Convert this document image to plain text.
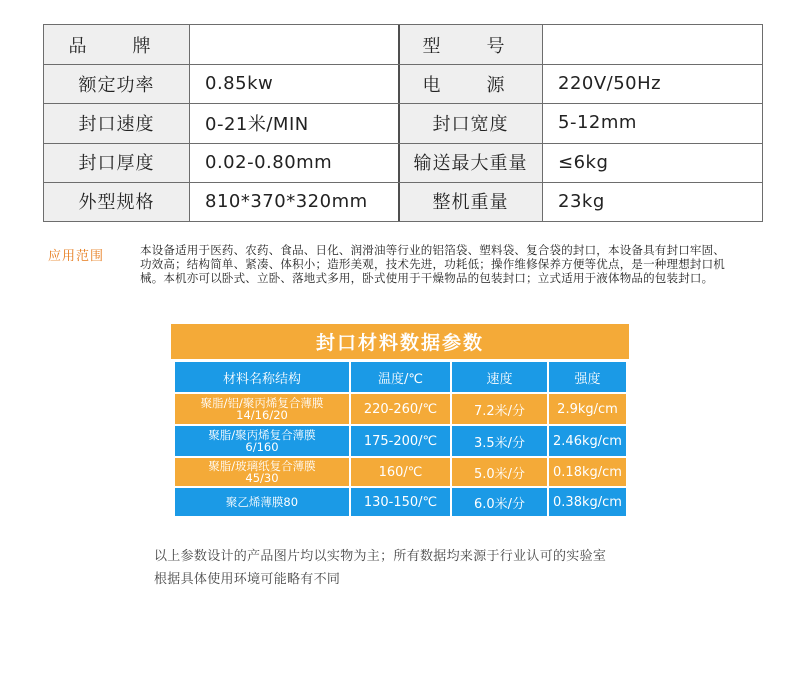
品　牌	型　号
额定功率	0.85kw	电　源	220V/50Hz
封口速度	0-21米/MIN	封口宽度	5-12mm
封口厚度	0.02-0.80mm	输送最大重量	≤6kg
外型规格	810*370*320mm	整机重量	23kg
应用范围	本设备适用于医药、农药、食品、日化、润滑油等行业的铝箔袋、塑料袋、复合袋的封口，本设备具有封口牢固、功效高；结构简单、紧凑、体积小；造形美观，技术先进，功耗低；操作维修保养方便等优点，是一种理想封口机械。本机亦可以卧式、立卧、落地式多用，卧式使用于干燥物品的包装封口；立式适用于液体物品的包装封口。
封口材料数据参数
材料名称结构	温度/℃	速度	强度
聚脂/铝/聚丙烯复合薄膜
14/16/20	220-260/℃	7.2米/分	2.9kg/cm
聚脂/聚丙烯复合薄膜
6/160	175-200/℃	3.5米/分	2.46kg/cm
聚脂/玻璃纸复合薄膜
45/30	160/℃	5.0米/分	0.18kg/cm
聚乙烯薄膜80	130-150/℃	6.0米/分	0.38kg/cm
以上参数设计的产品图片均以实物为主；所有数据均来源于行业认可的实验室
根据具体使用环境可能略有不同
